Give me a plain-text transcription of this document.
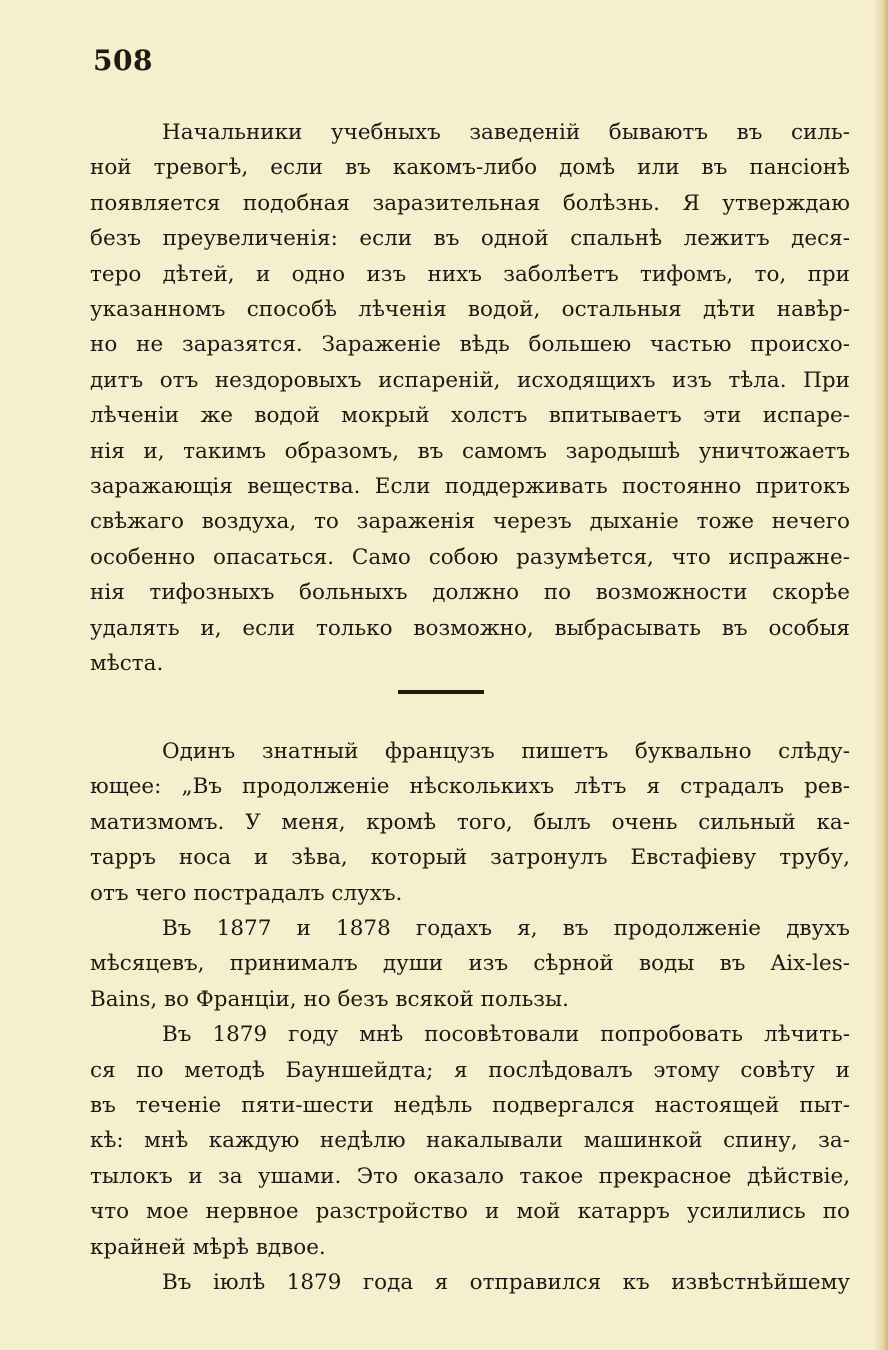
508
Начальники учебныхъ заведеній бываютъ въ силь-
ной тревогѣ, если въ какомъ-либо домѣ или въ пансіонѣ
появляется подобная заразительная болѣзнь. Я утверждаю
безъ преувеличенія: если въ одной спальнѣ лежитъ деся-
теро дѣтей, и одно изъ нихъ заболѣетъ тифомъ, то, при
указанномъ способѣ лѣченія водой, остальныя дѣти навѣр-
но не заразятся. Зараженіе вѣдь большею частью происхо-
дитъ отъ нездоровыхъ испареній, исходящихъ изъ тѣла. При
лѣченіи же водой мокрый холстъ впитываетъ эти испаре-
нія и, такимъ образомъ, въ самомъ зародышѣ уничтожаетъ
заражающія вещества. Если поддерживать постоянно притокъ
свѣжаго воздуха, то зараженія черезъ дыханіе тоже нечего
особенно опасаться. Само собою разумѣется, что испражне-
нія тифозныхъ больныхъ должно по возможности скорѣе
удалять и, если только возможно, выбрасывать въ особыя
мѣста.
Одинъ знатный французъ пишетъ буквально слѣду-
ющее: „Въ продолженіе нѣсколькихъ лѣтъ я страдалъ рев-
матизмомъ. У меня, кромѣ того, былъ очень сильный ка-
тарръ носа и зѣва, который затронулъ Евстафіеву трубу,
отъ чего пострадалъ слухъ.
Въ 1877 и 1878 годахъ я, въ продолженіе двухъ
мѣсяцевъ, принималъ души изъ сѣрной воды въ Aix-les-
Bains, во Франціи, но безъ всякой пользы.
Въ 1879 году мнѣ посовѣтовали попробовать лѣчить-
ся по методѣ Бауншейдта; я послѣдовалъ этому совѣту и
въ теченіе пяти-шести недѣль подвергался настоящей пыт-
кѣ: мнѣ каждую недѣлю накалывали машинкой спину, за-
тылокъ и за ушами. Это оказало такое прекрасное дѣйствіе,
что мое нервное разстройство и мой катарръ усилились по
крайней мѣрѣ вдвое.
Въ іюлѣ 1879 года я отправился къ извѣстнѣйшему
